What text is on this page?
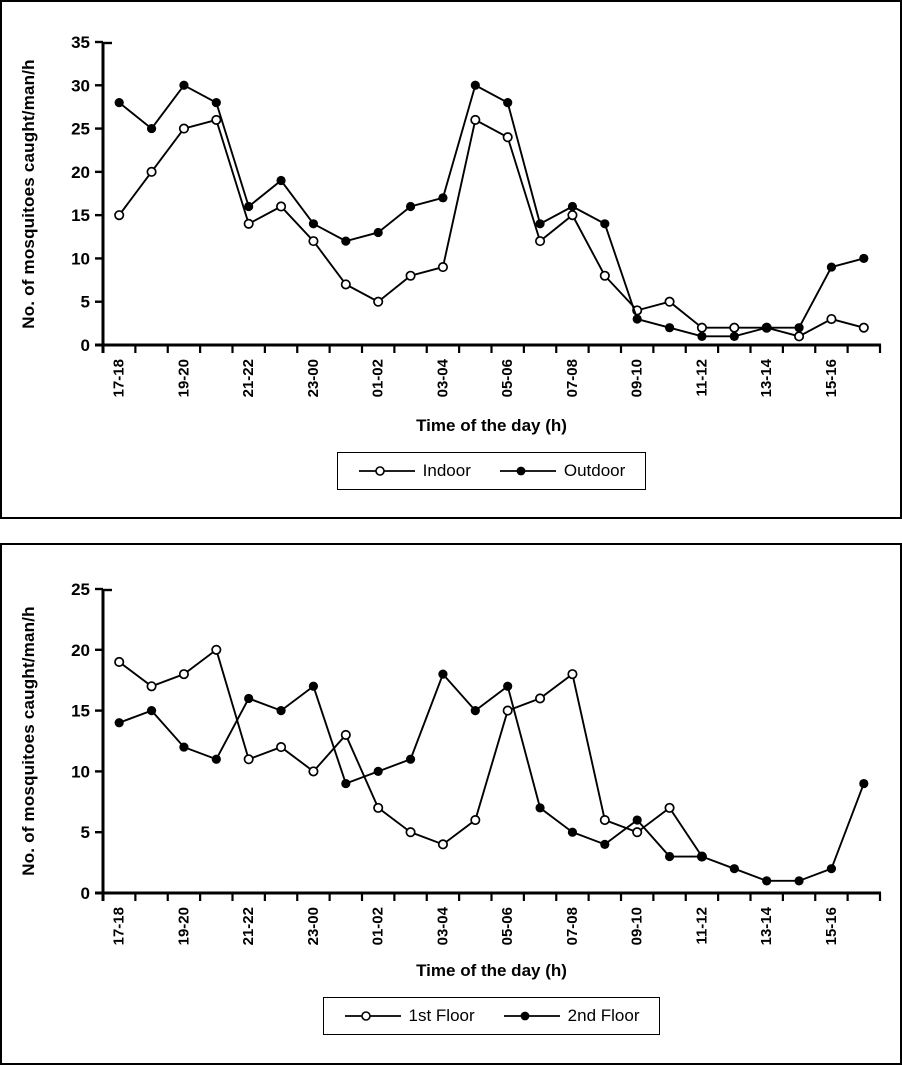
No. of mosquitoes caught/man/h
0
5
10
15
20
25
30
35
17-18	19-20	21-22	23-00	01-02	03-04	05-06	07-08	09-10	11-12	13-14	15-16
Time of the day (h)
Indoor	Outdoor
No. of mosquitoes caught/man/h
0
5
10
15
20
25
17-18	19-20	21-22	23-00	01-02	03-04	05-06	07-08	09-10	11-12	13-14	15-16
Time of the day (h)
1st Floor	2nd Floor
